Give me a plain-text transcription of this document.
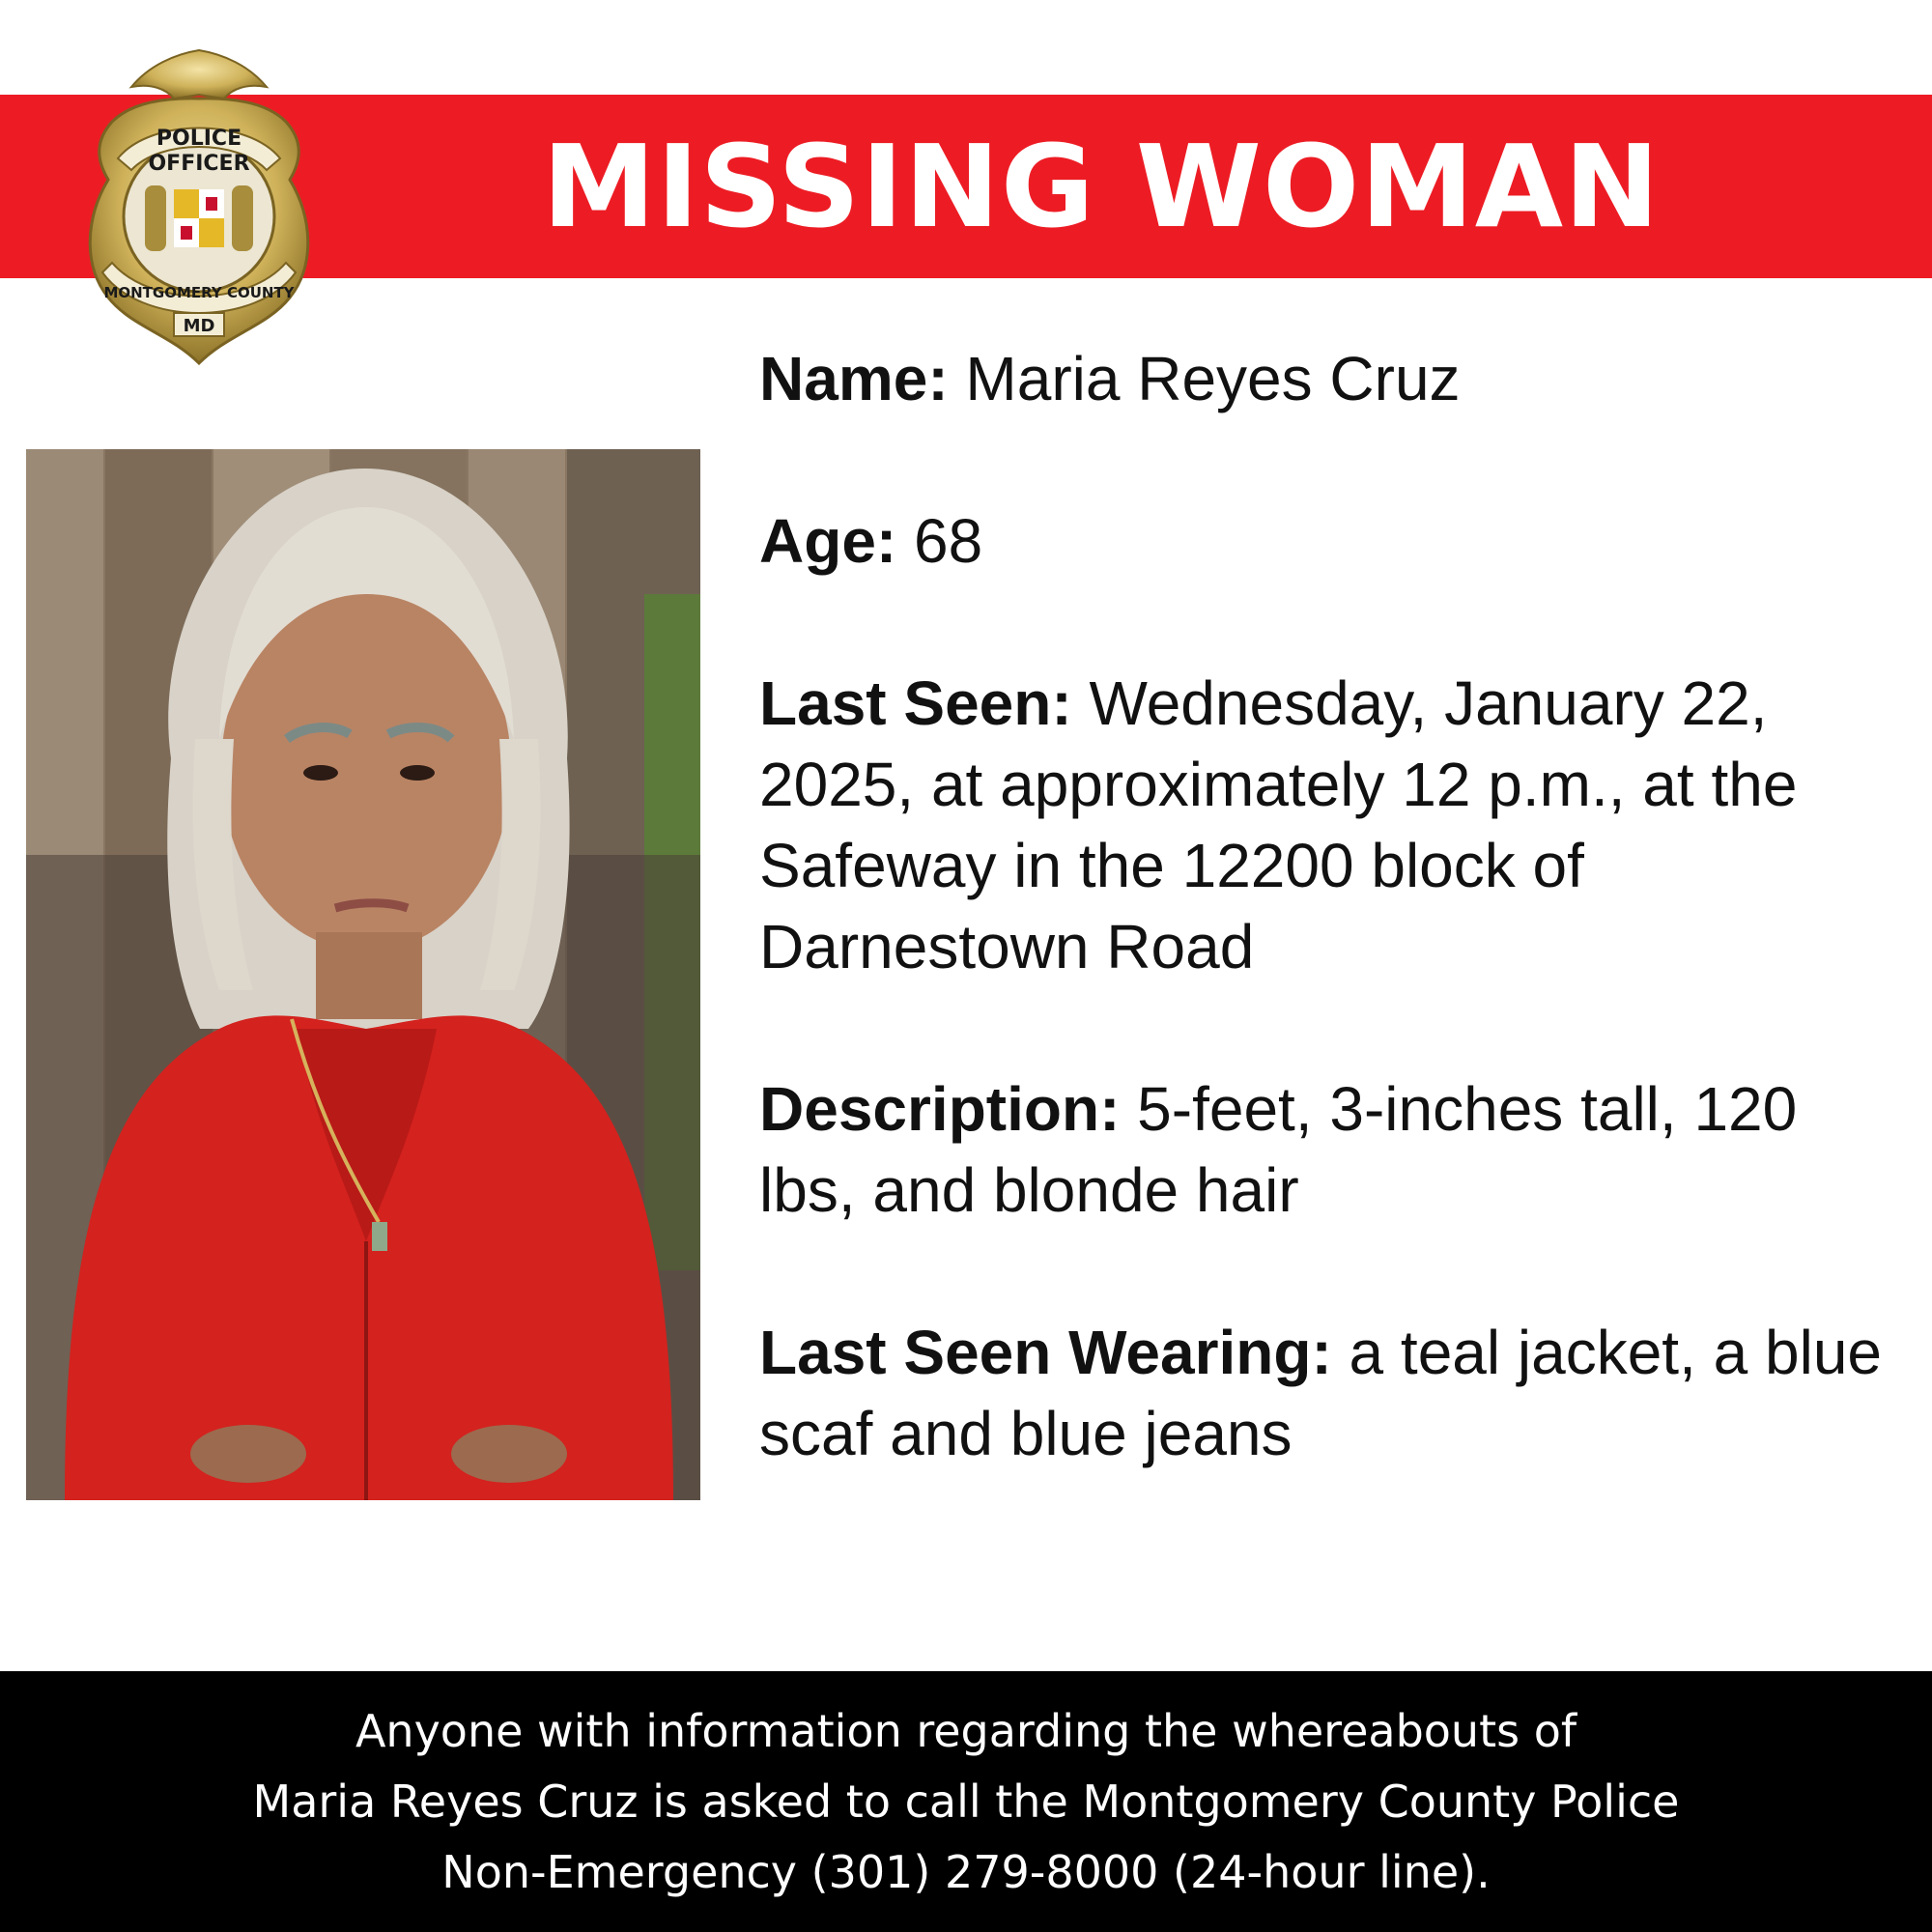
POLICE
OFFICER
MONTGOMERY COUNTY
MD
MISSING WOMAN

Name: Maria Reyes Cruz

Age: 68

Last Seen: Wednesday, January 22, 2025, at approximately 12 p.m., at the Safeway in the 12200 block of Darnestown Road

Description: 5-feet, 3-inches tall, 120 lbs, and blonde hair

Last Seen Wearing: a teal jacket, a blue scaf and blue jeans

Anyone with information regarding the whereabouts of
Maria Reyes Cruz is asked to call the Montgomery County Police
Non-Emergency (301) 279-8000 (24-hour line).
